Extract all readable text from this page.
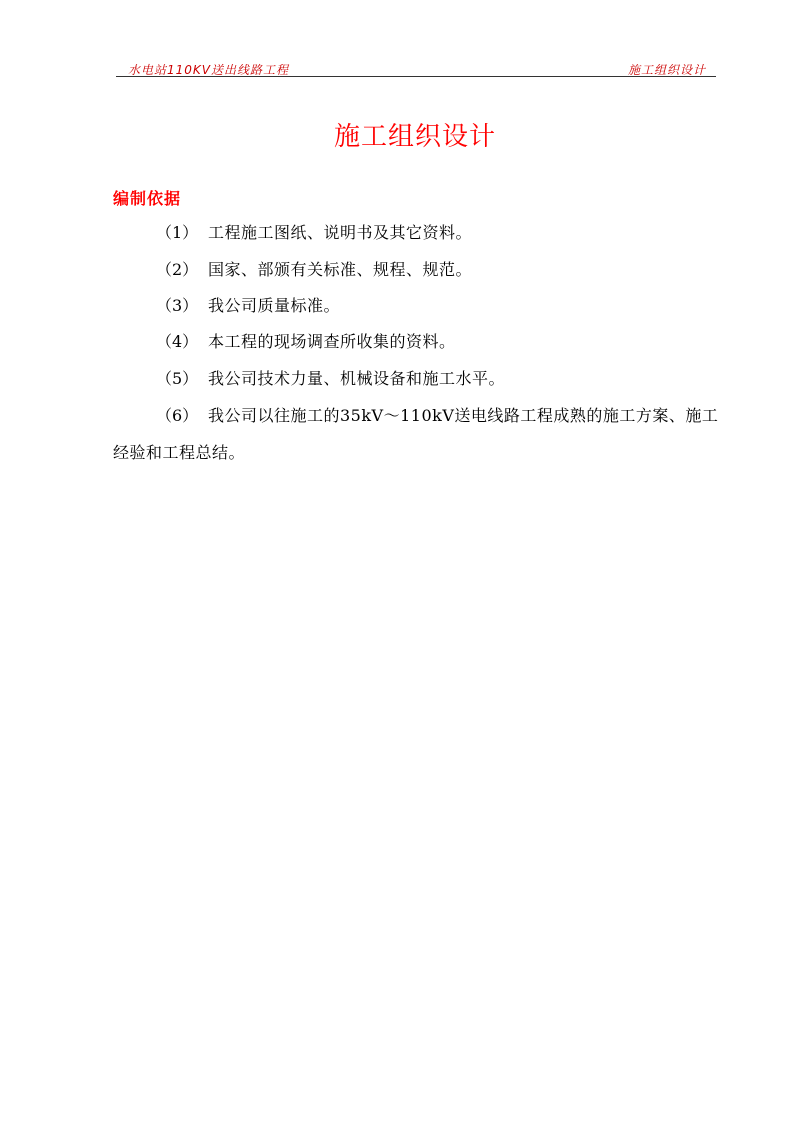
水电站110KV送出线路工程	施工组织设计
施工组织设计
编制依据
（1） 工程施工图纸、说明书及其它资料。
（2） 国家、部颁有关标准、规程、规范。
（3） 我公司质量标准。
（4） 本工程的现场调查所收集的资料。
（5） 我公司技术力量、机械设备和施工水平。
（6） 我公司以往施工的35kV～110kV送电线路工程成熟的施工方案、施工经验和工程总结。
